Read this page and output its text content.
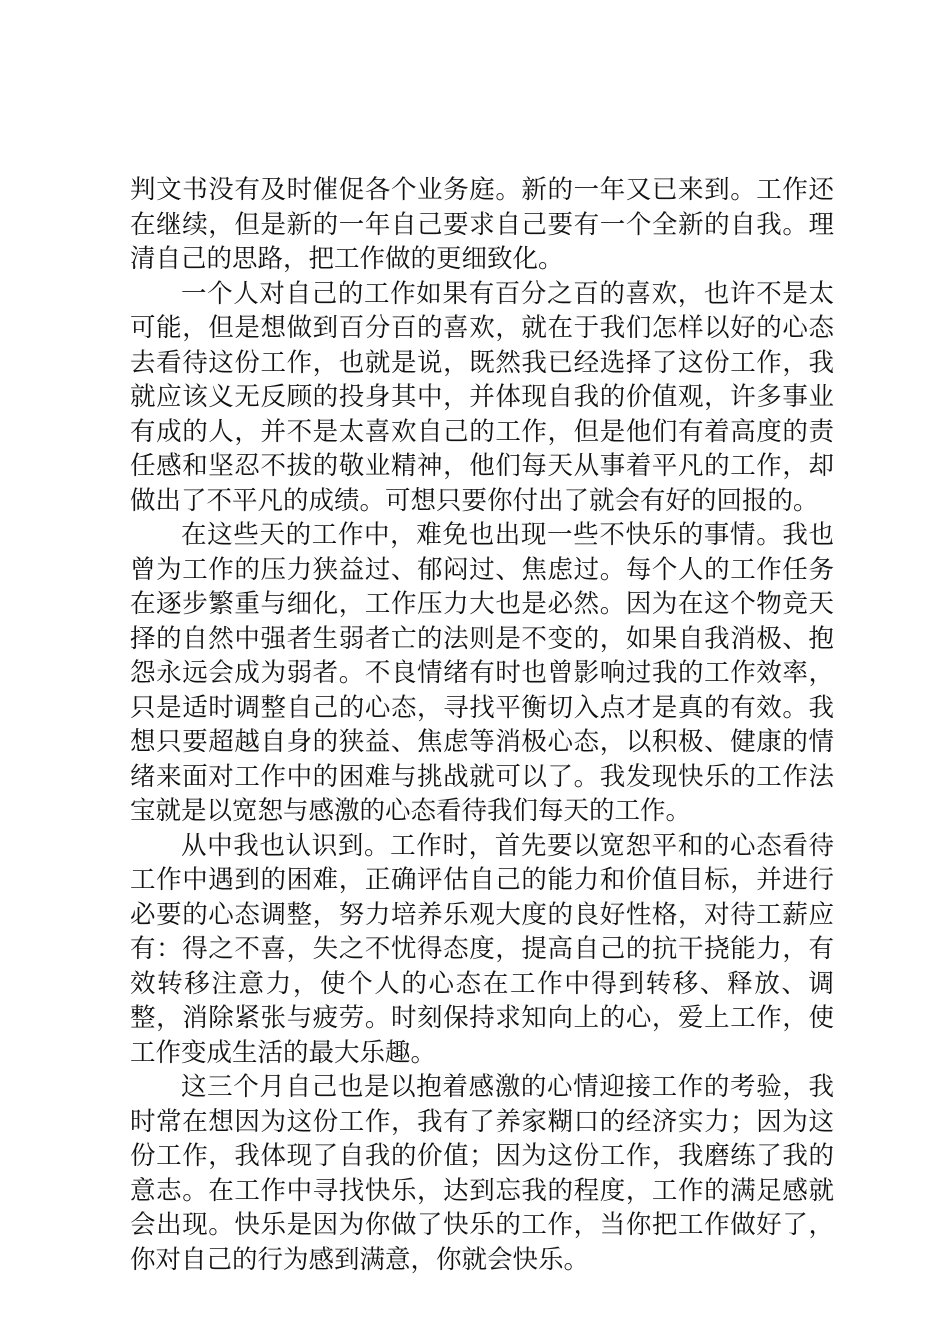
判文书没有及时催促各个业务庭。新的一年又已来到。工作还在继续，但是新的一年自己要求自己要有一个全新的自我。理清自己的思路，把工作做的更细致化。

一个人对自己的工作如果有百分之百的喜欢，也许不是太可能，但是想做到百分百的喜欢，就在于我们怎样以好的心态去看待这份工作，也就是说，既然我已经选择了这份工作，我就应该义无反顾的投身其中，并体现自我的价值观，许多事业有成的人，并不是太喜欢自己的工作，但是他们有着高度的责任感和坚忍不拔的敬业精神，他们每天从事着平凡的工作，却做出了不平凡的成绩。可想只要你付出了就会有好的回报的。

在这些天的工作中，难免也出现一些不快乐的事情。我也曾为工作的压力狭益过、郁闷过、焦虑过。每个人的工作任务在逐步繁重与细化，工作压力大也是必然。因为在这个物竞天择的自然中强者生弱者亡的法则是不变的，如果自我消极、抱怨永远会成为弱者。不良情绪有时也曾影响过我的工作效率，只是适时调整自己的心态，寻找平衡切入点才是真的有效。我想只要超越自身的狭益、焦虑等消极心态，以积极、健康的情绪来面对工作中的困难与挑战就可以了。我发现快乐的工作法宝就是以宽恕与感激的心态看待我们每天的工作。

从中我也认识到。工作时，首先要以宽恕平和的心态看待工作中遇到的困难，正确评估自己的能力和价值目标，并进行必要的心态调整，努力培养乐观大度的良好性格，对待工薪应有：得之不喜，失之不忧得态度，提高自己的抗干挠能力，有效转移注意力，使个人的心态在工作中得到转移、释放、调整，消除紧张与疲劳。时刻保持求知向上的心，爱上工作，使工作变成生活的最大乐趣。

这三个月自己也是以抱着感激的心情迎接工作的考验，我时常在想因为这份工作，我有了养家糊口的经济实力；因为这份工作，我体现了自我的价值；因为这份工作，我磨练了我的意志。在工作中寻找快乐，达到忘我的程度，工作的满足感就会出现。快乐是因为你做了快乐的工作，当你把工作做好了，你对自己的行为感到满意，你就会快乐。
